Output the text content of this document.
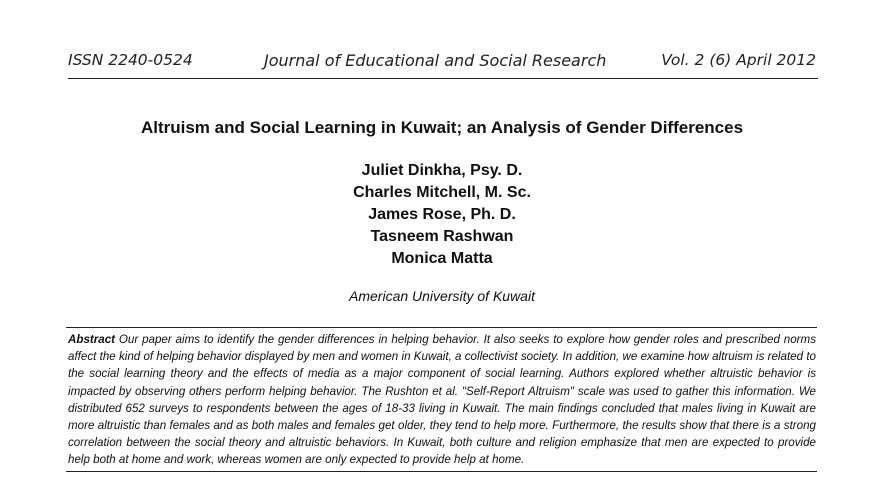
ISSN 2240-0524	Journal of Educational and Social Research	Vol. 2 (6) April 2012
Altruism and Social Learning in Kuwait; an Analysis of Gender Differences
Juliet Dinkha, Psy. D.
Charles Mitchell, M. Sc.
James Rose, Ph. D.
Tasneem Rashwan
Monica Matta
American University of Kuwait
Abstract Our paper aims to identify the gender differences in helping behavior. It also seeks to explore how gender roles and prescribed norms affect the kind of helping behavior displayed by men and women in Kuwait, a collectivist society. In addition, we examine how altruism is related to the social learning theory and the effects of media as a major component of social learning. Authors explored whether altruistic behavior is impacted by observing others perform helping behavior. The Rushton et al. "Self-Report Altruism" scale was used to gather this information. We distributed 652 surveys to respondents between the ages of 18-33 living in Kuwait. The main findings concluded that males living in Kuwait are more altruistic than females and as both males and females get older, they tend to help more. Furthermore, the results show that there is a strong correlation between the social theory and altruistic behaviors. In Kuwait, both culture and religion emphasize that men are expected to provide help both at home and work, whereas women are only expected to provide help at home.
